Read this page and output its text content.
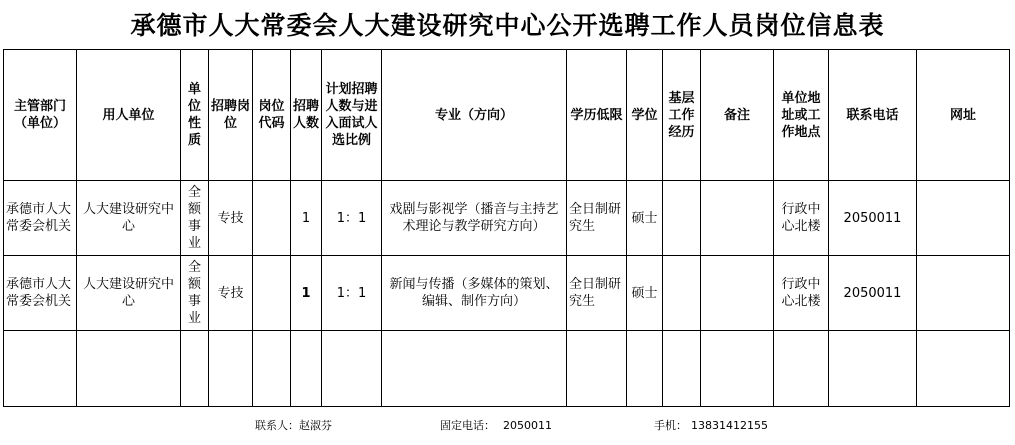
承德市人大常委会人大建设研究中心公开选聘工作人员岗位信息表
主管部门（单位）	用人单位	单位性质	招聘岗位	岗位代码	招聘人数	计划招聘人数与进入面试人选比例	专业（方向）	学历低限	学位	基层工作经历	备注	单位地址或工作地点	联系电话	网址
承德市人大常委会机关	人大建设研究中心	全额事业	专技		1	1：1	戏剧与影视学（播音与主持艺术理论与教学研究方向）	全日制研究生	硕士			行政中心北楼	2050011	
承德市人大常委会机关	人大建设研究中心	全额事业	专技		1	1：1	新闻与传播（多媒体的策划、编辑、制作方向）	全日制研究生	硕士			行政中心北楼	2050011	

联系人：
赵淑芬	固定电话： 2050011	手机： 13831412155
